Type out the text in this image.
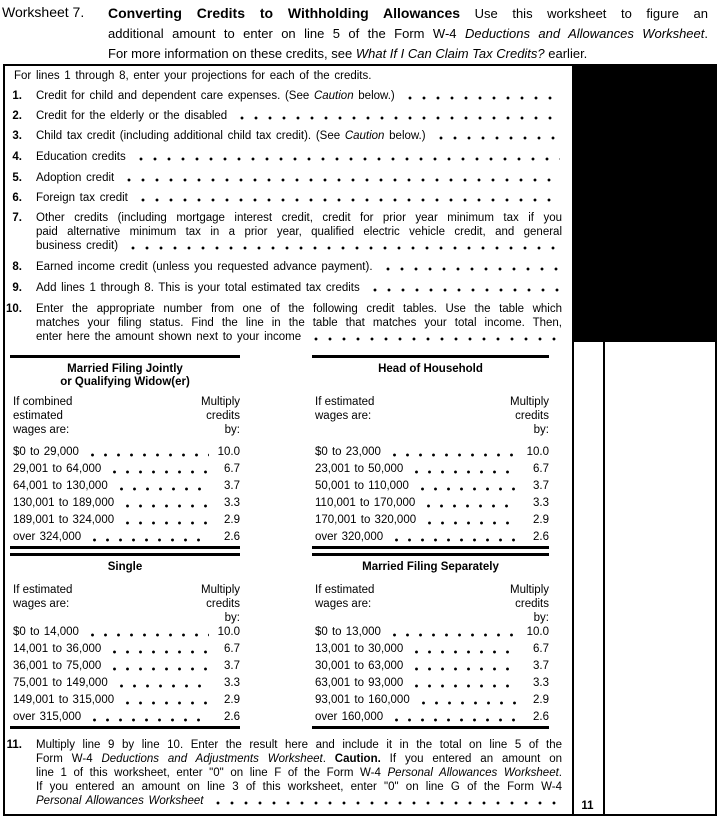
Worksheet 7. Converting Credits to Withholding Allowances Use this worksheet to figure an
additional amount to enter on line 5 of the Form W-4 Deductions and Allowances Worksheet.
For more information on these credits, see What If I Can Claim Tax Credits? earlier.
For lines 1 through 8, enter your projections for each of the credits.
1. Credit for child and dependent care expenses. (See Caution below.)
2. Credit for the elderly or the disabled
3. Child tax credit (including additional child tax credit). (See Caution below.)
4. Education credits
5. Adoption credit
6. Foreign tax credit
7. Other credits (including mortgage interest credit, credit for prior year minimum tax if you
paid alternative minimum tax in a prior year, qualified electric vehicle credit, and general
business credit)
8. Earned income credit (unless you requested advance payment).
9. Add lines 1 through 8. This is your total estimated tax credits
10. Enter the appropriate number from one of the following credit tables. Use the table which
matches your filing status. Find the line in the table that matches your total income. Then,
enter here the amount shown next to your income
11. Multiply line 9 by line 10. Enter the result here and include it in the total on line 5 of the
Form W-4 Deductions and Adjustments Worksheet. Caution. If you entered an amount on
line 1 of this worksheet, enter "0" on line F of the Form W-4 Personal Allowances Worksheet.
If you entered an amount on line 3 of this worksheet, enter "0" on line G of the Form W-4
Personal Allowances Worksheet
1
2
3
4
5
6
7
8
9
10
11
Married Filing Jointly
or Qualifying Widow(er)
If combined
estimated
wages are:
Multiply
credits
by:
$0 to 29,000	10.0
29,001 to 64,000	6.7
64,001 to 130,000	3.7
130,001 to 189,000	3.3
189,001 to 324,000	2.9
over 324,000	2.6
Head of Household
If estimated
wages are:
Multiply
credits
by:
$0 to 23,000	10.0
23,001 to 50,000	6.7
50,001 to 110,000	3.7
110,001 to 170,000	3.3
170,001 to 320,000	2.9
over 320,000	2.6
Single
If estimated
wages are:
Multiply
credits
by:
$0 to 14,000	10.0
14,001 to 36,000	6.7
36,001 to 75,000	3.7
75,001 to 149,000	3.3
149,001 to 315,000	2.9
over 315,000	2.6
Married Filing Separately
If estimated
wages are:
Multiply
credits
by:
$0 to 13,000	10.0
13,001 to 30,000	6.7
30,001 to 63,000	3.7
63,001 to 93,000	3.3
93,001 to 160,000	2.9
over 160,000	2.6
